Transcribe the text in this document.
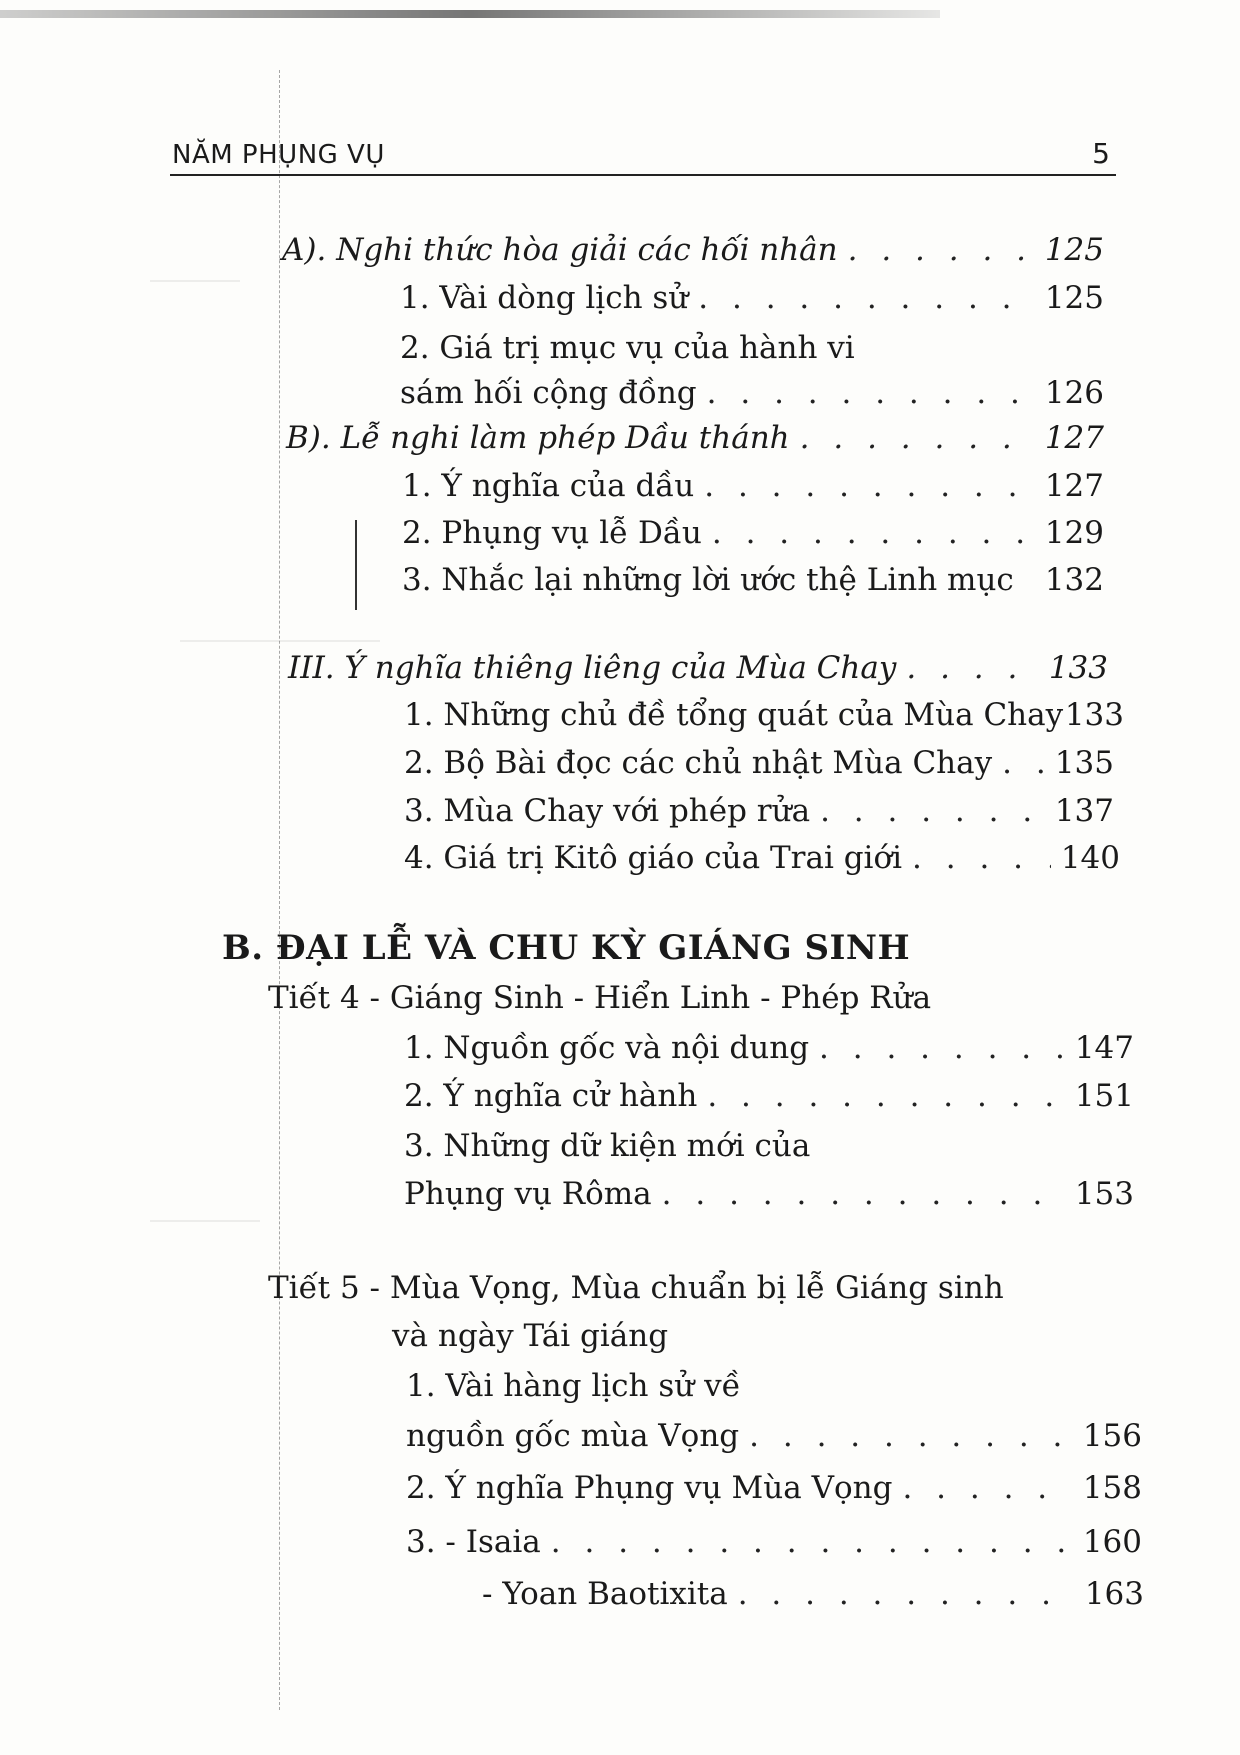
NĂM PHỤNG VỤ	5
A). Nghi thức hòa giải các hối nhân . . .	125
1. Vài dòng lịch sử . . .	125
2. Giá trị mục vụ của hành vi
sám hối cộng đồng . . .	126
B). Lễ nghi làm phép Dầu thánh . . .	127
1. Ý nghĩa của dầu . . .	127
2. Phụng vụ lễ Dầu . . .	129
3. Nhắc lại những lời ước thệ Linh mục 132
III. Ý nghĩa thiêng liêng của Mùa Chay . . .	133
1. Những chủ đề tổng quát của Mùa Chay 133
2. Bộ Bài đọc các chủ nhật Mùa Chay . . . 135
3. Mùa Chay với phép rửa . . .	137
4. Giá trị Kitô giáo của Trai giới . . .	140
B. ĐẠI LỄ VÀ CHU KỲ GIÁNG SINH
Tiết 4 - Giáng Sinh - Hiển Linh - Phép Rửa
1. Nguồn gốc và nội dung . . .	147
2. Ý nghĩa cử hành . . .	151
3. Những dữ kiện mới của
Phụng vụ Rôma . . .	153
Tiết 5 - Mùa Vọng, Mùa chuẩn bị lễ Giáng sinh
và ngày Tái giáng
1. Vài hàng lịch sử về
nguồn gốc mùa Vọng . . .	156
2. Ý nghĩa Phụng vụ Mùa Vọng . . .	158
3. - Isaia . . .	160
- Yoan Baotixita . . .	163
